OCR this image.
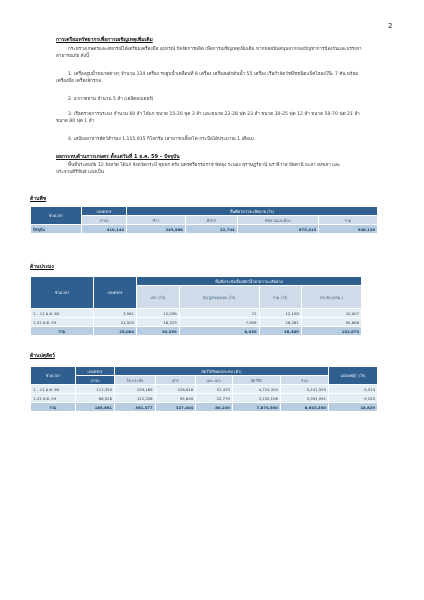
2
การเตรียมทรัพยากรเพื่อการเผชิญเหตุเพิ่มเติม
กระทรวงเกษตรและสหกรณ์ได้เตรียมเครื่องมือ อุปกรณ์ ปัจจัยการผลิต เพื่อการเผชิญเหตุเพิ่มเติม หากขอสนับสนุนจากกองบัญชาการป้องกันและบรรเทาสาธารณภัย ดังนี้
1. เครื่องสูบน้ำขนาดต่างๆ จำนวน 134 เครื่อง รถสูบน้ำเคลื่อนที่ 8 เครื่อง เครื่องผลักดันน้ำ 55 เครื่อง เรือกำจัดวัชพืชชนิดแบ็คโฮลงโป๊ะ 7 คัน พร้อมเครื่องมือ เครื่องจักรกล
2. อากาศยาน จำนวน 5 ลำ (เฮลิคอปเตอร์)
3. เรือตรวจการประมง จำนวน 60 ลำ ได้แก่ ขนาด 15-20 ฟุต 3 ลำ และขนาด 22-28 ฟุต 23 ลำ ขนาด 30-25 ฟุต 12 ลำ ขนาด 50-70 ฟุต 21 ลำ ขนาด 80 ฟุต 1 ลำ
4. เสบียงอาหารสัตว์สำรอง 1,115,915 กิโลกรัม (สามารถเลี้ยงโค-กระบือได้ประมาณ 1 เดือน)
ผลกระทบด้านการเกษตร ตั้งแต่วันที่ 1 ธ.ค. 59 – ปัจจุบัน
พื้นที่ประสบภัย 12 จังหวัด ได้แก่ จังหวัดกระบี่ ชุมพร ตรัง นครศรีธรรมราช พัทลุง ระนอง สุราษฎร์ธานี นราธิวาส ปัตตานี ยะลา สงขลา และประจวบคีรีขันธ์ แบ่งเป็น
ด้านพืช
ช่วงเวลา	เกษตรกร	พื้นที่คาดว่าจะเสียหาย (ไร่)			
	(ราย)	ข้าว	พืชไร่	พืชสวนและอื่นๆ	รวม
ปัจจุบัน	410,144	249,966	22,744	675,413	948,126
ด้านประมง
ช่วงเวลา	เกษตรกร	พื้นที่/กระชังเลี้ยงสัตว์น้ำคาดว่าจะเสียหาย			
		ปลา (ไร่)	กุ้ง/ปู/หอย/ออก (ไร่)	รวม (ไร่)	กระชัง (ตรม.)
1 – 11 ม.ค. 60	3,581	12,036	72	12,108	10,007
1-31 ธ.ค. 59	21,503	18,323	7,958	26,281	92,866
รวม	25,084	30,359	8,030	38,389	102,873
ด้านปศุสัตว์
ช่วงเวลา	เกษตรกร	สัตว์ได้รับผลกระทบ (ตัว)					แปลงหญ้า (ไร่)
	(ราย)	โค-กระบือ	สุกร	แพะ-แกะ	สัตว์ปีก	รวม	
1 – 11 ม.ค. 60	117,355	259,169	226,616	57,470	4,724,304	5,247,559	9,574
1-31 ธ.ค. 59	68,526	122,208	95,849	22,779	3,150,196	3,391,091	9,255
รวม	185,881	361,377	327,404	80,249	7,874,500	8,643,550	18,829
